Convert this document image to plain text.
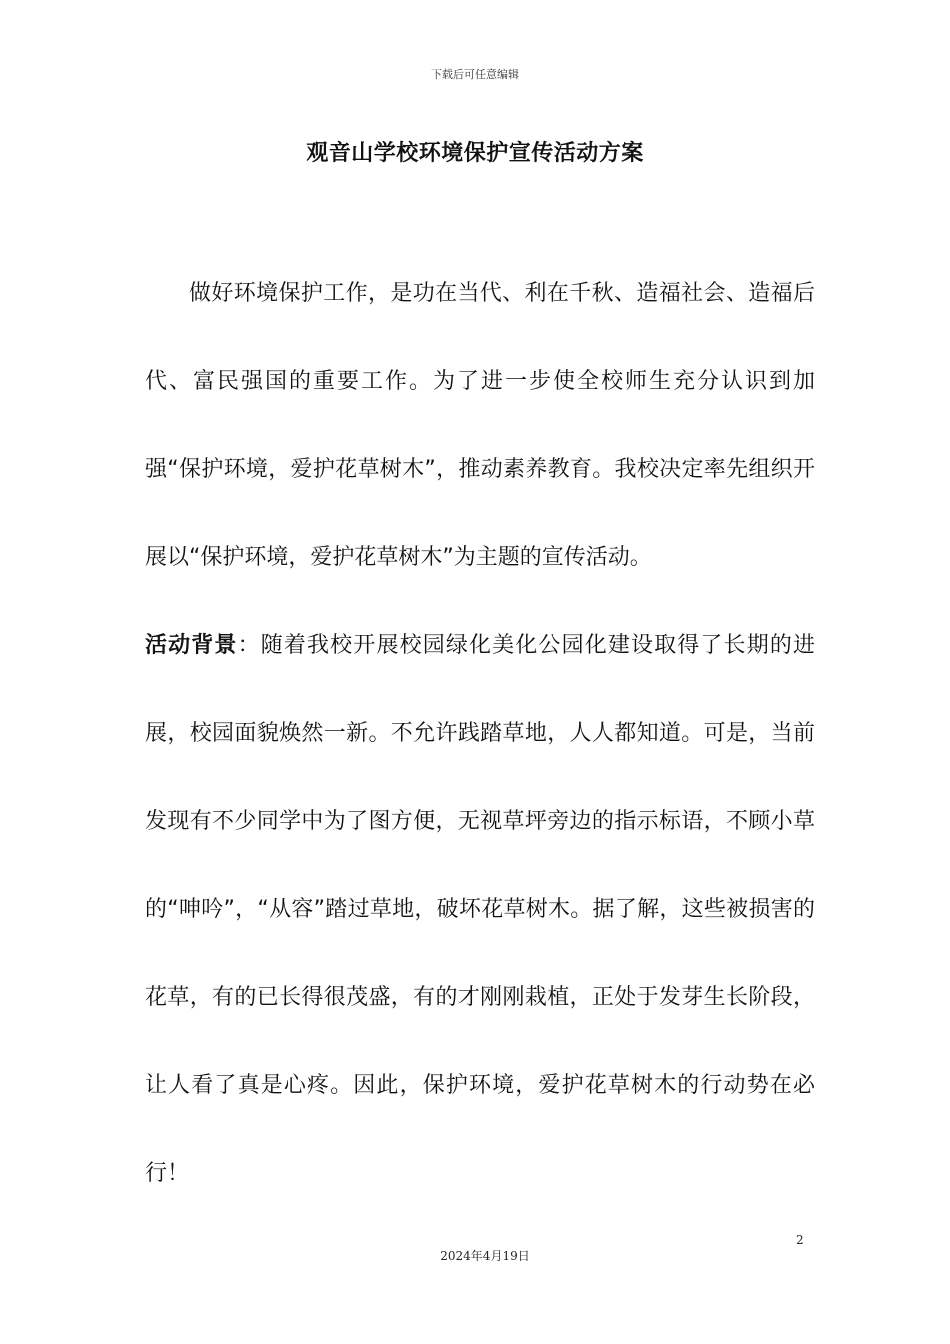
下载后可任意编辑
观音山学校环境保护宣传活动方案

做好环境保护工作，是功在当代、利在千秋、造福社会、造福后代、富民强国的重要工作。为了进一步使全校师生充分认识到加强“保护环境，爱护花草树木”，推动素养教育。我校决定率先组织开展以“保护环境，爱护花草树木”为主题的宣传活动。

活动背景：随着我校开展校园绿化美化公园化建设取得了长期的进展，校园面貌焕然一新。不允许践踏草地，人人都知道。可是，当前发现有不少同学中为了图方便，无视草坪旁边的指示标语，不顾小草的“呻吟”，“从容”踏过草地，破坏花草树木。据了解，这些被损害的花草，有的已长得很茂盛，有的才刚刚栽植，正处于发芽生长阶段，让人看了真是心疼。因此，保护环境，爱护花草树木的行动势在必行！

2
2024年4月19日
